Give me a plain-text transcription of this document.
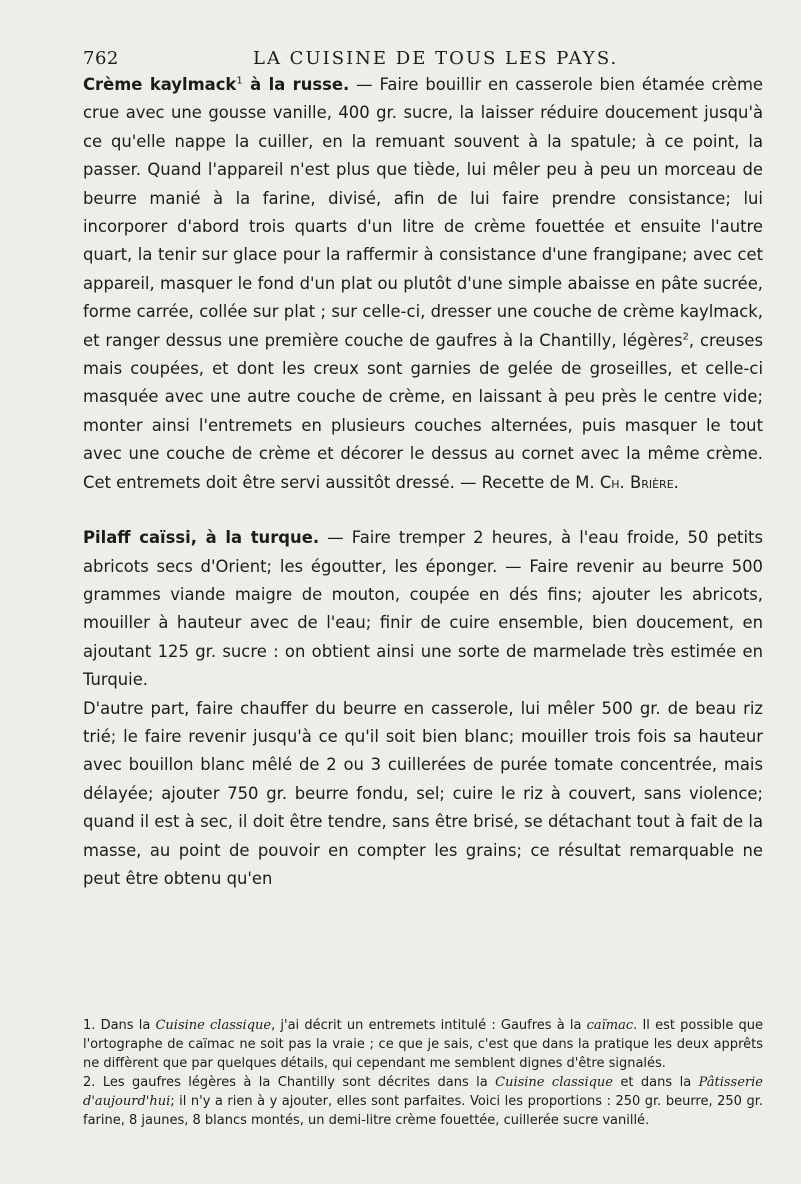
762	LA CUISINE DE TOUS LES PAYS.

Crème kaylmack$^1$ à la russe. — Faire bouillir en casserole bien étamée crème crue avec une gousse vanille, 400 gr. sucre, la laisser réduire doucement jusqu'à ce qu'elle nappe la cuiller, en la remuant souvent à la spatule; à ce point, la passer. Quand l'appareil n'est plus que tiède, lui mêler peu à peu un morceau de beurre manié à la farine, divisé, afin de lui faire prendre consistance; lui incorporer d'abord trois quarts d'un litre de crème fouettée et ensuite l'autre quart, la tenir sur glace pour la raffermir à consistance d'une frangipane; avec cet appareil, masquer le fond d'un plat ou plutôt d'une simple abaisse en pâte sucrée, forme carrée, collée sur plat ; sur celle-ci, dresser une couche de crème kaylmack, et ranger dessus une première couche de gaufres à la Chantilly, légères$^2$, creuses mais coupées, et dont les creux sont garnies de gelée de groseilles, et celle-ci masquée avec une autre couche de crème, en laissant à peu près le centre vide; monter ainsi l'entremets en plusieurs couches alternées, puis masquer le tout avec une couche de crème et décorer le dessus au cornet avec la même crème. Cet entremets doit être servi aussitôt dressé. — Recette de M. Ch. Brière.

Pilaff caïssi, à la turque. — Faire tremper 2 heures, à l'eau froide, 50 petits abricots secs d'Orient; les égoutter, les éponger. — Faire revenir au beurre 500 grammes viande maigre de mouton, coupée en dés fins; ajouter les abricots, mouiller à hauteur avec de l'eau; finir de cuire ensemble, bien doucement, en ajoutant 125 gr. sucre : on obtient ainsi une sorte de marmelade très estimée en Turquie.

D'autre part, faire chauffer du beurre en casserole, lui mêler 500 gr. de beau riz trié; le faire revenir jusqu'à ce qu'il soit bien blanc; mouiller trois fois sa hauteur avec bouillon blanc mêlé de 2 ou 3 cuillerées de purée tomate concentrée, mais délayée; ajouter 750 gr. beurre fondu, sel; cuire le riz à couvert, sans violence; quand il est à sec, il doit être tendre, sans être brisé, se détachant tout à fait de la masse, au point de pouvoir en compter les grains; ce résultat remarquable ne peut être obtenu qu'en

1. Dans la Cuisine classique, j'ai décrit un entremets intitulé : Gaufres à la caïmac. Il est possible que l'ortographe de caïmac ne soit pas la vraie ; ce que je sais, c'est que dans la pratique les deux apprêts ne diffèrent que par quelques détails, qui cependant me semblent dignes d'être signalés.

2. Les gaufres légères à la Chantilly sont décrites dans la Cuisine classique et dans la Pâtisserie d'aujourd'hui; il n'y a rien à y ajouter, elles sont parfaites. Voici les proportions : 250 gr. beurre, 250 gr. farine, 8 jaunes, 8 blancs montés, un demi-litre crème fouettée, cuillerée sucre vanillé.
